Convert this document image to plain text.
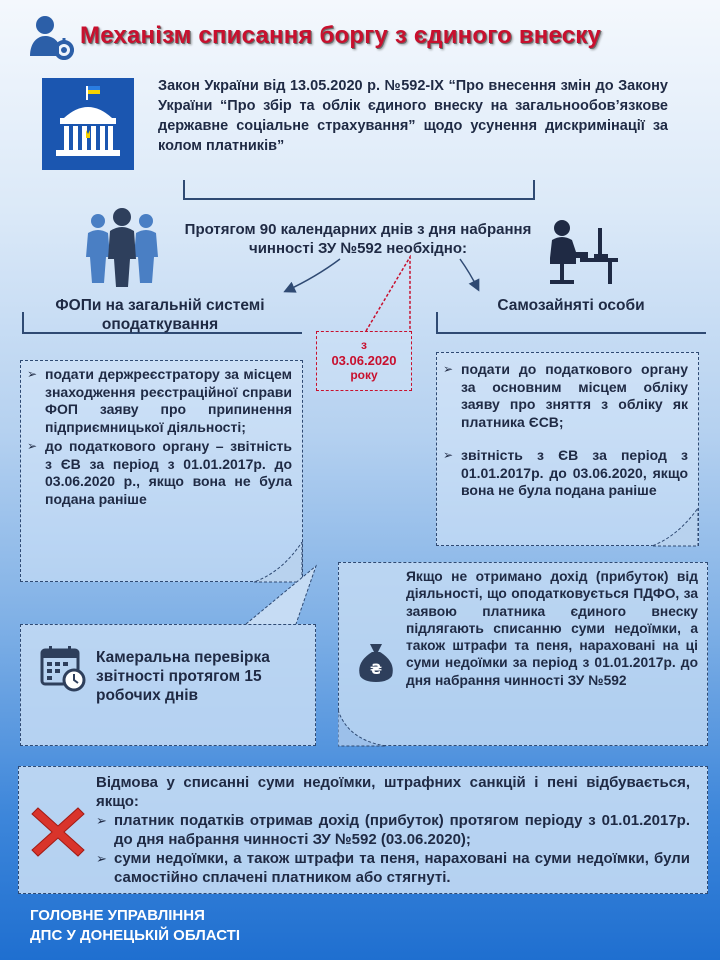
Механізм списання боргу з єдиного внеску
Закон України від 13.05.2020 р. №592-IX “Про внесення змін до Закону України “Про збір та облік єдиного внеску на загальнообов’язкове державне соціальне страхування” щодо усунення дискримінації за колом платників”
Протягом 90 календарних днів з дня набрання чинності ЗУ №592 необхідно:
ФОПи на загальній системі оподаткування
Самозайняті особи
з
03.06.2020
року
➢ подати держреєстратору за місцем знаходження реєстраційної справи ФОП заяву про припинення підприємницької діяльності;
➢ до податкового органу – звітність з ЄВ за період з 01.01.2017р. до 03.06.2020 р., якщо вона не була подана раніше
➢ подати до податкового органу за основним місцем обліку заяву про зняття з обліку як платника ЄСВ;
➢ звітність з ЄВ за період з 01.01.2017р. до 03.06.2020, якщо вона не була подана раніше
Камеральна перевірка звітності протягом 15 робочих днів
₴
Якщо не отримано дохід (прибуток) від діяльності, що оподатковується ПДФО, за заявою платника єдиного внеску підлягають списанню суми недоїмки, а також штрафи та пеня, нараховані на ці суми недоїмки за період з 01.01.2017р. до дня набрання чинності ЗУ №592
Відмова у списанні суми недоїмки, штрафних санкцій і пені відбувається, якщо:
➢ платник податків отримав дохід (прибуток) протягом періоду з 01.01.2017р. до дня набрання чинності ЗУ №592 (03.06.2020);
➢ суми недоїмки, а також штрафи та пеня, нараховані на суми недоїмки, були самостійно сплачені платником або стягнуті.
ГОЛОВНЕ УПРАВЛІННЯ
ДПС У ДОНЕЦЬКІЙ ОБЛАСТІ
